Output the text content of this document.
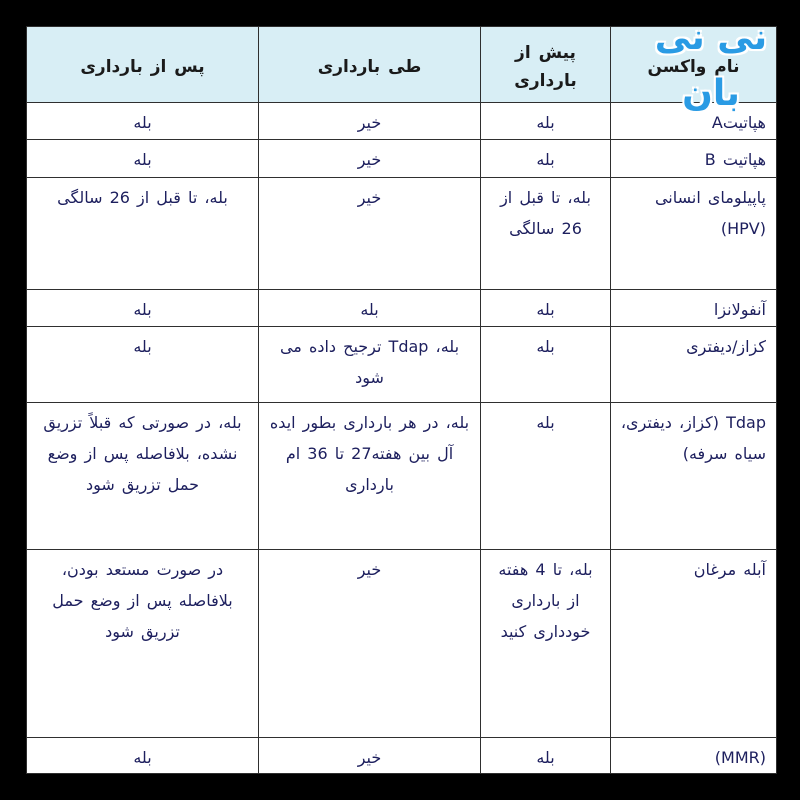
نام واکسن	پیش از بارداری	طی بارداری	پس از بارداری
هپاتیتA	بله	خیر	بله
هپاتیت B	بله	خیر	بله
پاپیلومای انسانی (HPV)	بله، تا قبل از 26 سالگی	خیر	بله، تا قبل از 26 سالگی
آنفولانزا	بله	بله	بله
کزاز/دیفتری	بله	بله، Tdap ترجیح داده می شود	بله
Tdap (کزاز، دیفتری، سیاه سرفه)	بله	بله، در هر بارداری بطور ایده آل بین هفته27 تا 36 ام بارداری	بله، در صورتی که قبلاً تزریق نشده، بلافاصله پس از وضع حمل تزریق شود
آبله مرغان	بله، تا 4 هفته از بارداری خودداری کنید	خیر	در صورت مستعد بودن، بلافاصله پس از وضع حمل تزریق شود
(MMR)	بله	خیر	بله
نی نی بان
